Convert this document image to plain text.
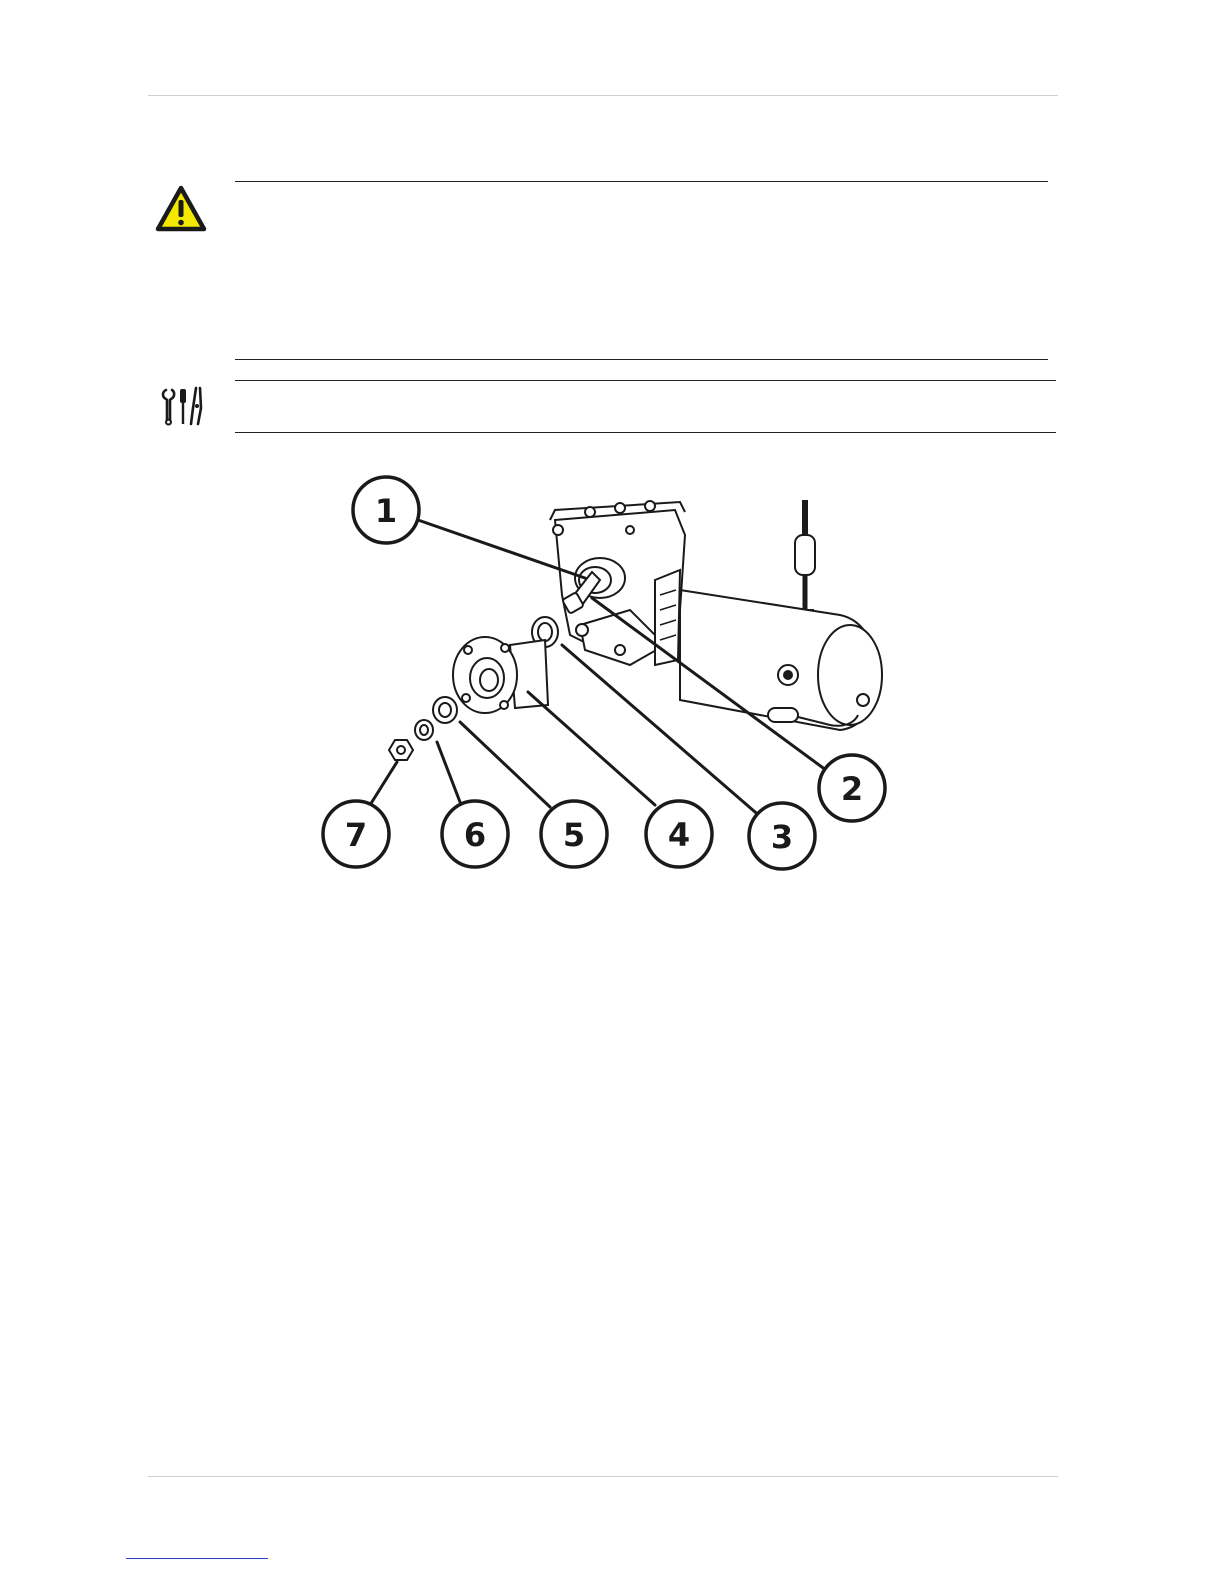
1
2
3
4
5
6
7
